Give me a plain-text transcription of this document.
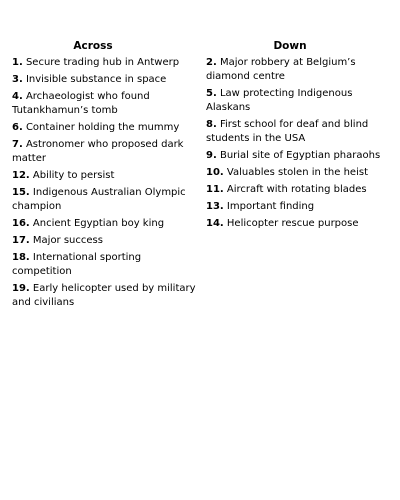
Across
1. Secure trading hub in Antwerp
3. Invisible substance in space
4. Archaeologist who found Tutankhamun’s tomb
6. Container holding the mummy
7. Astronomer who proposed dark matter
12. Ability to persist
15. Indigenous Australian Olympic champion
16. Ancient Egyptian boy king
17. Major success
18. International sporting competition
19. Early helicopter used by military and civilians
Down
2. Major robbery at Belgium’s diamond centre
5. Law protecting Indigenous Alaskans
8. First school for deaf and blind students in the USA
9. Burial site of Egyptian pharaohs
10. Valuables stolen in the heist
11. Aircraft with rotating blades
13. Important finding
14. Helicopter rescue purpose
